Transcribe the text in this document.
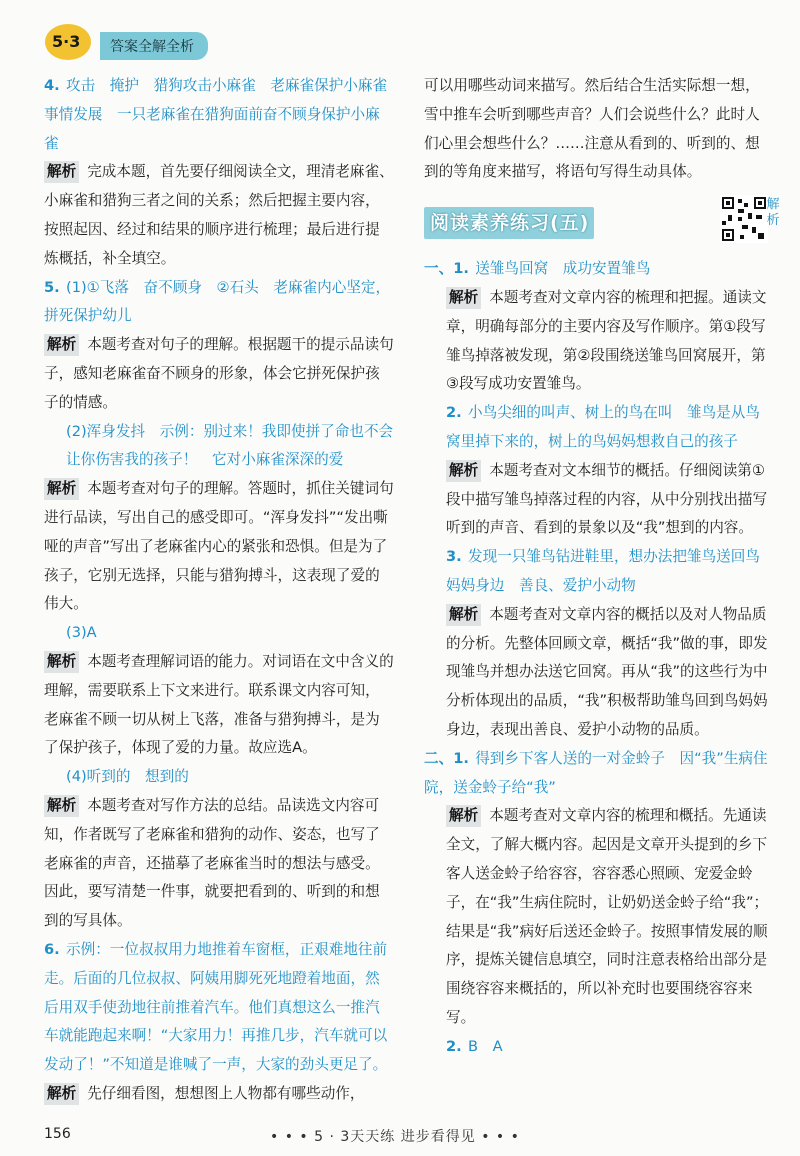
5·3	答案全解全析

4. 攻击　掩护　猎狗攻击小麻雀　老麻雀保护小麻雀　事情发展　一只老麻雀在猎狗面前奋不顾身保护小麻雀

解析 完成本题，首先要仔细阅读全文，理清老麻雀、小麻雀和猎狗三者之间的关系；然后把握主要内容，按照起因、经过和结果的顺序进行梳理；最后进行提炼概括，补全填空。

5. (1)①飞落　奋不顾身　②石头　老麻雀内心坚定，拼死保护幼儿

解析 本题考查对句子的理解。根据题干的提示品读句子，感知老麻雀奋不顾身的形象，体会它拼死保护孩子的情感。

(2)浑身发抖　示例：别过来！我即使拼了命也不会让你伤害我的孩子！　它对小麻雀深深的爱

解析 本题考查对句子的理解。答题时，抓住关键词句进行品读，写出自己的感受即可。“浑身发抖”“发出嘶哑的声音”写出了老麻雀内心的紧张和恐惧。但是为了孩子，它别无选择，只能与猎狗搏斗，这表现了爱的伟大。

(3)A

解析 本题考查理解词语的能力。对词语在文中含义的理解，需要联系上下文来进行。联系课文内容可知，老麻雀不顾一切从树上飞落，准备与猎狗搏斗，是为了保护孩子，体现了爱的力量。故应选A。

(4)听到的　想到的

解析 本题考查对写作方法的总结。品读选文内容可知，作者既写了老麻雀和猎狗的动作、姿态，也写了老麻雀的声音，还描摹了老麻雀当时的想法与感受。因此，要写清楚一件事，就要把看到的、听到的和想到的写具体。

6. 示例：一位叔叔用力地推着车窗框，正艰难地往前走。后面的几位叔叔、阿姨用脚死死地蹬着地面，然后用双手使劲地往前推着汽车。他们真想这么一推汽车就能跑起来啊！“大家用力！再推几步，汽车就可以发动了！”不知道是谁喊了一声，大家的劲头更足了。

解析 先仔细看图，想想图上人物都有哪些动作，

可以用哪些动词来描写。然后结合生活实际想一想，雪中推车会听到哪些声音？人们会说些什么？此时人们心里会想些什么？……注意从看到的、听到的、想到的等角度来描写，将语句写得生动具体。

阅读素养练习(五)
解析

一、1. 送雏鸟回窝　成功安置雏鸟

解析 本题考查对文章内容的梳理和把握。通读文章，明确每部分的主要内容及写作顺序。第①段写雏鸟掉落被发现，第②段围绕送雏鸟回窝展开，第③段写成功安置雏鸟。

2. 小鸟尖细的叫声、树上的鸟在叫　雏鸟是从鸟窝里掉下来的，树上的鸟妈妈想救自己的孩子

解析 本题考查对文本细节的概括。仔细阅读第①段中描写雏鸟掉落过程的内容，从中分别找出描写听到的声音、看到的景象以及“我”想到的内容。

3. 发现一只雏鸟钻进鞋里，想办法把雏鸟送回鸟妈妈身边　善良、爱护小动物

解析 本题考查对文章内容的概括以及对人物品质的分析。先整体回顾文章，概括“我”做的事，即发现雏鸟并想办法送它回窝。再从“我”的这些行为中分析体现出的品质，“我”积极帮助雏鸟回到鸟妈妈身边，表现出善良、爱护小动物的品质。

二、1. 得到乡下客人送的一对金蛉子　因“我”生病住院，送金蛉子给“我”

解析 本题考查对文章内容的梳理和概括。先通读全文，了解大概内容。起因是文章开头提到的乡下客人送金蛉子给容容，容容悉心照顾、宠爱金蛉子，在“我”生病住院时，让奶奶送金蛉子给“我”；结果是“我”病好后送还金蛉子。按照事情发展的顺序，提炼关键信息填空，同时注意表格给出部分是围绕容容来概括的，所以补充时也要围绕容容来写。

2. B　A

156	• • • 5 · 3天天练 进步看得见 • • •
